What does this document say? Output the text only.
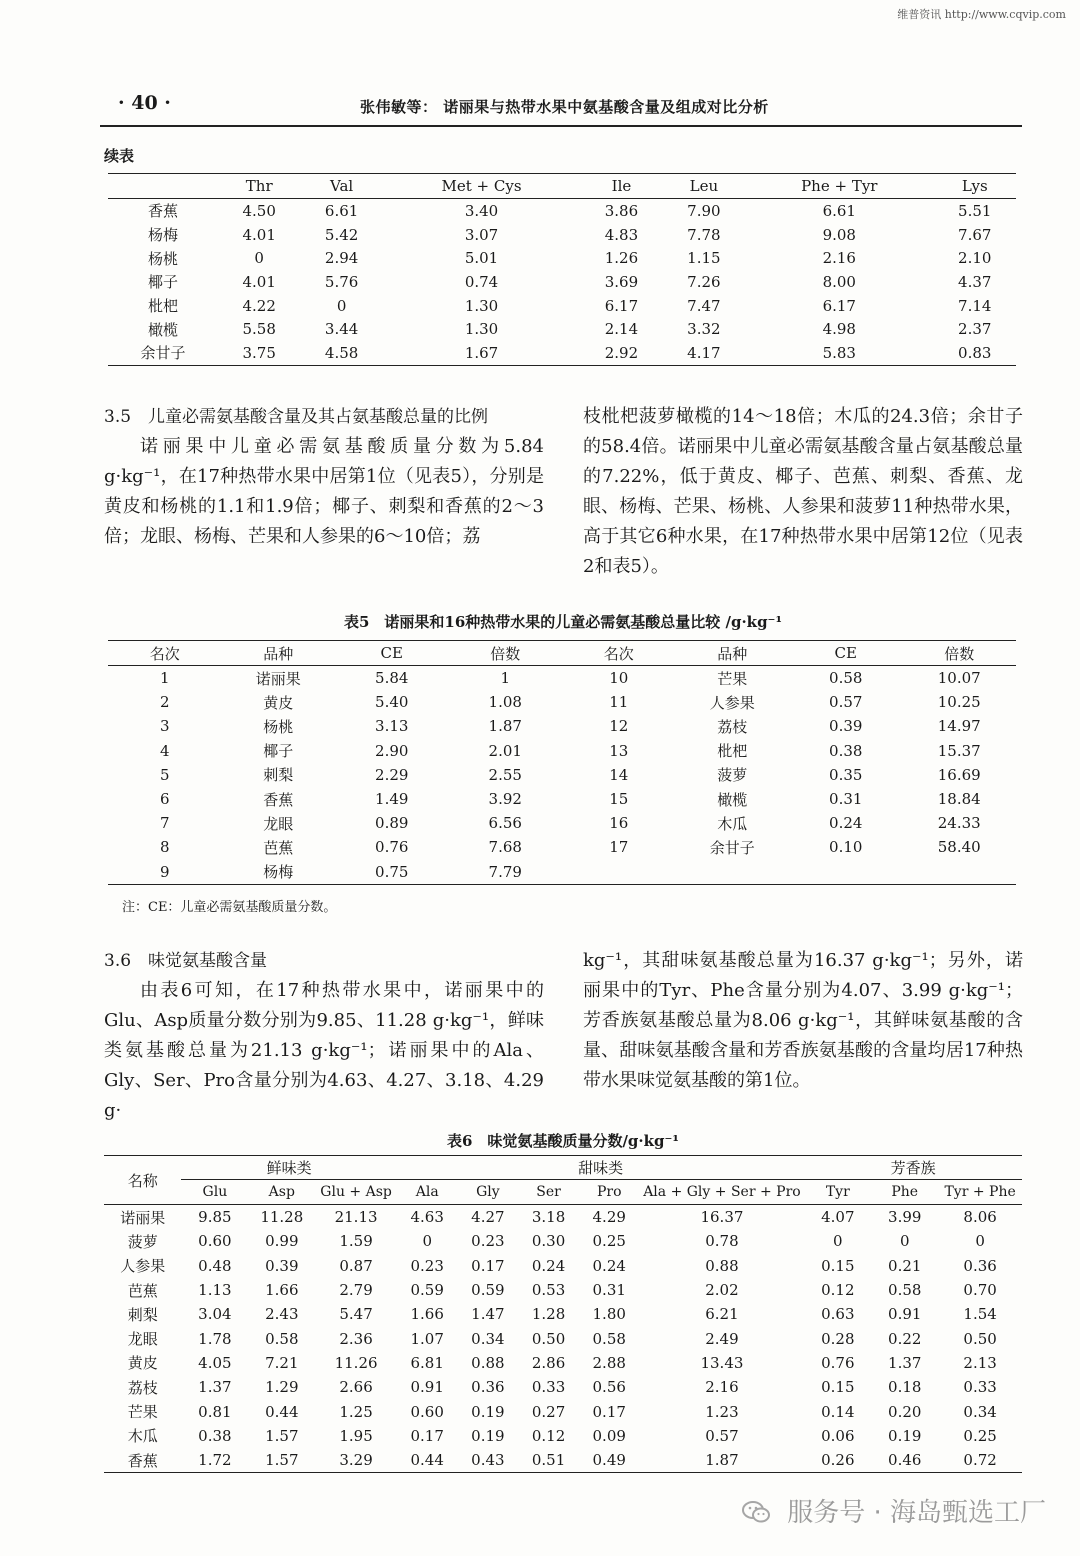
维普资讯 http://www.cqvip.com
· 40 ·	张伟敏等： 诺丽果与热带水果中氨基酸含量及组成对比分析
续表
	Thr	Val	Met + Cys	Ile	Leu	Phe + Tyr	Lys
香蕉	4.50	6.61	3.40	3.86	7.90	6.61	5.51
杨梅	4.01	5.42	3.07	4.83	7.78	9.08	7.67
杨桃	0	2.94	5.01	1.26	1.15	2.16	2.10
椰子	4.01	5.76	0.74	3.69	7.26	8.00	4.37
枇杷	4.22	0	1.30	6.17	7.47	6.17	7.14
橄榄	5.58	3.44	1.30	2.14	3.32	4.98	2.37
余甘子	3.75	4.58	1.67	2.92	4.17	5.83	0.83
3.5　儿童必需氨基酸含量及其占氨基酸总量的比例
诺丽果中儿童必需氨基酸质量分数为5.84 g·kg⁻¹，在17种热带水果中居第1位（见表5），分别是黄皮和杨桃的1.1和1.9倍；椰子、刺梨和香蕉的2～3倍；龙眼、杨梅、芒果和人参果的6～10倍；荔
枝枇杷菠萝橄榄的14～18倍；木瓜的24.3倍；余甘子的58.4倍。诺丽果中儿童必需氨基酸含量占氨基酸总量的7.22%，低于黄皮、椰子、芭蕉、刺梨、香蕉、龙眼、杨梅、芒果、杨桃、人参果和菠萝11种热带水果，高于其它6种水果，在17种热带水果中居第12位（见表2和表5）。
表5　诺丽果和16种热带水果的儿童必需氨基酸总量比较 /g·kg⁻¹
名次	品种	CE	倍数	名次	品种	CE	倍数
1	诺丽果	5.84	1	10	芒果	0.58	10.07
2	黄皮	5.40	1.08	11	人参果	0.57	10.25
3	杨桃	3.13	1.87	12	荔枝	0.39	14.97
4	椰子	2.90	2.01	13	枇杷	0.38	15.37
5	刺梨	2.29	2.55	14	菠萝	0.35	16.69
6	香蕉	1.49	3.92	15	橄榄	0.31	18.84
7	龙眼	0.89	6.56	16	木瓜	0.24	24.33
8	芭蕉	0.76	7.68	17	余甘子	0.10	58.40
9	杨梅	0.75	7.79				
注：CE：儿童必需氨基酸质量分数。
3.6　味觉氨基酸含量
由表6可知，在17种热带水果中，诺丽果中的Glu、Asp质量分数分别为9.85、11.28 g·kg⁻¹，鲜味类氨基酸总量为21.13 g·kg⁻¹；诺丽果中的Ala、Gly、Ser、Pro含量分别为4.63、4.27、3.18、4.29 g·
kg⁻¹，其甜味氨基酸总量为16.37 g·kg⁻¹；另外，诺丽果中的Tyr、Phe含量分别为4.07、3.99 g·kg⁻¹；芳香族氨基酸总量为8.06 g·kg⁻¹，其鲜味氨基酸的含量、甜味氨基酸含量和芳香族氨基酸的含量均居17种热带水果味觉氨基酸的第1位。
表6　味觉氨基酸质量分数/g·kg⁻¹
名称	鲜味类			甜味类					芳香族		
	Glu	Asp	Glu + Asp	Ala	Gly	Ser	Pro	Ala + Gly + Ser + Pro	Tyr	Phe	Tyr + Phe
诺丽果	9.85	11.28	21.13	4.63	4.27	3.18	4.29	16.37	4.07	3.99	8.06
菠萝	0.60	0.99	1.59	0	0.23	0.30	0.25	0.78	0	0	0
人参果	0.48	0.39	0.87	0.23	0.17	0.24	0.24	0.88	0.15	0.21	0.36
芭蕉	1.13	1.66	2.79	0.59	0.59	0.53	0.31	2.02	0.12	0.58	0.70
刺梨	3.04	2.43	5.47	1.66	1.47	1.28	1.80	6.21	0.63	0.91	1.54
龙眼	1.78	0.58	2.36	1.07	0.34	0.50	0.58	2.49	0.28	0.22	0.50
黄皮	4.05	7.21	11.26	6.81	0.88	2.86	2.88	13.43	0.76	1.37	2.13
荔枝	1.37	1.29	2.66	0.91	0.36	0.33	0.56	2.16	0.15	0.18	0.33
芒果	0.81	0.44	1.25	0.60	0.19	0.27	0.17	1.23	0.14	0.20	0.34
木瓜	0.38	1.57	1.95	0.17	0.19	0.12	0.09	0.57	0.06	0.19	0.25
香蕉	1.72	1.57	3.29	0.44	0.43	0.51	0.49	1.87	0.26	0.46	0.72
服务号 · 海岛甄选工厂
